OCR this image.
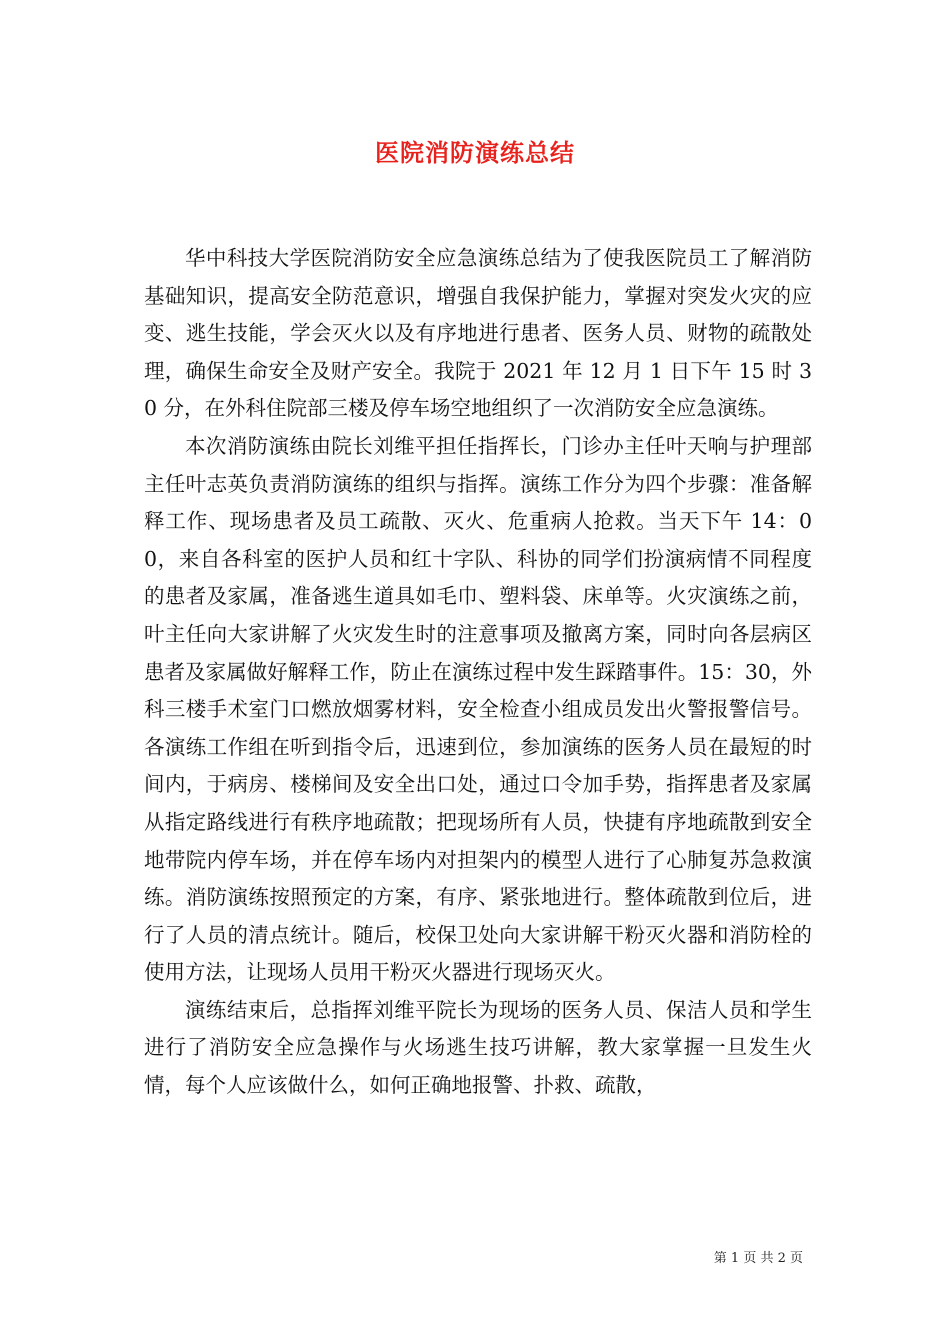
医院消防演练总结

华中科技大学医院消防安全应急演练总结为了使我医院员工了解消防基础知识，提高安全防范意识，增强自我保护能力，掌握对突发火灾的应变、逃生技能，学会灭火以及有序地进行患者、医务人员、财物的疏散处理，确保生命安全及财产安全。我院于 2021 年 12 月 1 日下午 15 时 30 分，在外科住院部三楼及停车场空地组织了一次消防安全应急演练。

本次消防演练由院长刘维平担任指挥长，门诊办主任叶天响与护理部主任叶志英负责消防演练的组织与指挥。演练工作分为四个步骤：准备解释工作、现场患者及员工疏散、灭火、危重病人抢救。当天下午 14：00，来自各科室的医护人员和红十字队、科协的同学们扮演病情不同程度的患者及家属，准备逃生道具如毛巾、塑料袋、床单等。火灾演练之前，叶主任向大家讲解了火灾发生时的注意事项及撤离方案，同时向各层病区患者及家属做好解释工作，防止在演练过程中发生踩踏事件。15：30，外科三楼手术室门口燃放烟雾材料，安全检查小组成员发出火警报警信号。各演练工作组在听到指令后，迅速到位，参加演练的医务人员在最短的时间内，于病房、楼梯间及安全出口处，通过口令加手势，指挥患者及家属从指定路线进行有秩序地疏散；把现场所有人员，快捷有序地疏散到安全地带院内停车场，并在停车场内对担架内的模型人进行了心肺复苏急救演练。消防演练按照预定的方案，有序、紧张地进行。整体疏散到位后，进行了人员的清点统计。随后，校保卫处向大家讲解干粉灭火器和消防栓的使用方法，让现场人员用干粉灭火器进行现场灭火。

演练结束后，总指挥刘维平院长为现场的医务人员、保洁人员和学生进行了消防安全应急操作与火场逃生技巧讲解，教大家掌握一旦发生火情，每个人应该做什么，如何正确地报警、扑救、疏散，

第 1 页 共 2 页
